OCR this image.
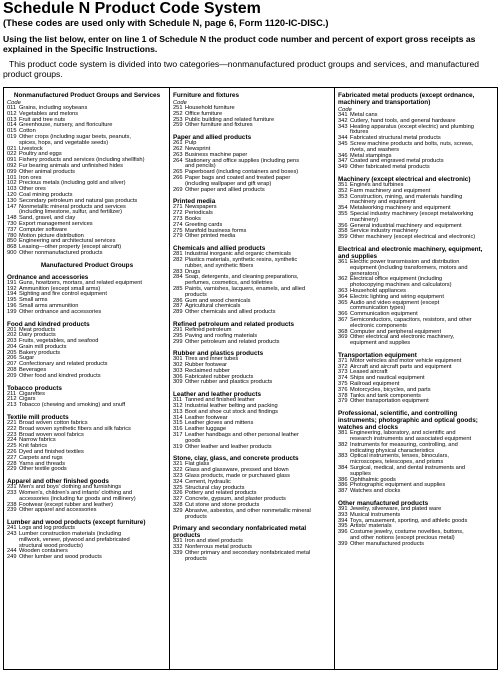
Schedule N Product Code System
(These codes are used only with Schedule N, page 6, Form 1120-IC-DISC.)
Using the list below, enter on line 1 of Schedule N the product code number and percent of export gross receipts as explained in the Specific Instructions.
This product code system is divided into two categories—nonmanufactured product groups and services, and manufactured product groups.
Nonmanufactured Product Groups and Services
Code
011 Grains, including soybeans
012 Vegetables and melons
013 Fruit and tree nuts
014 Greenhouse, nursery, and floriculture
015 Cotton
019 Other crops (including sugar beets, peanuts,
spices, hops, and vegetable seeds)
021 Livestock
022 Poultry and eggs
091 Fishery products and services (including shellfish)
092 Fur bearing animals and unfinished hides
099 Other animal products
101 Iron ores
102 Precious metals (including gold and silver)
103 Other ores
120 Coal mining products
130 Secondary petroleum and natural gas products
147 Nonmetallic mineral products and services
(including limestone, sulfur, and fertilizer)
148 Sand, gravel, and clay
730 Export management services
737 Computer software
780 Motion picture distribution
850 Engineering and architectural services
868 Leasing—other property (except aircraft)
900 Other nonmanufactured products
Manufactured Product Groups
Ordnance and accessories
191 Guns, howitzers, mortars, and related equipment
192 Ammunition (except small arms)
194 Sighting and fire control equipment
195 Small arms
196 Small arms ammunition
199 Other ordnance and accessories
Food and kindred products
201 Meat products
202 Dairy products
203 Fruits, vegetables, and seafood
204 Grain mill products
205 Bakery products
206 Sugar
207 Confectionary and related products
208 Beverages
209 Other food and kindred products
Tobacco products
211 Cigarettes
212 Cigars
213 Tobacco (chewing and smoking) and snuff
Textile mill products
221 Broad woven cotton fabrics
222 Broad woven synthetic fibers and silk fabrics
223 Broad woven wool fabrics
224 Narrow fabrics
225 Knit fabrics
226 Dyed and finished textiles
227 Carpets and rugs
228 Yarns and threads
229 Other textile goods
Apparel and other finished goods
231 Men's and boys' clothing and furnishings
233 Women's, children's and infants' clothing and
accessories (including fur goods and millinery)
238 Footwear (except rubber and leather)
239 Other apparel and accessories
Lumber and wood products (except furniture)
241 Logs and log products
243 Lumber construction materials (including
millwork, veneer, plywood and prefabricated
structural wood products)
244 Wooden containers
249 Other lumber and wood products
Furniture and fixtures
Code
251 Household furniture
252 Office furniture
253 Public building and related furniture
259 Other furniture and fixtures
Paper and allied products
261 Pulp
262 Newsprint
263 Business machine paper
264 Stationery and office supplies (including pens
and pencils)
265 Paperboard (including containers and boxes)
266 Paper bags and coated and treated paper
(including wallpaper and gift wrap)
269 Other paper and allied products
Printed media
271 Newspapers
272 Periodicals
273 Books
274 Greeting cards
275 Manifold business forms
279 Other printed media
Chemicals and allied products
281 Industrial inorganic and organic chemicals
282 Plastics materials, synthetic resins, synthetic
rubber, and synthetic fibers
283 Drugs
284 Soap, detergents, and cleaning preparations,
perfumes, cosmetics, and toiletries
285 Paints, varnishes, lacquers, enamels, and allied
products
286 Gum and wood chemicals
287 Agricultural chemicals
289 Other chemicals and allied products
Refined petroleum and related products
291 Refined petroleum
295 Paving and roofing materials
299 Other petroleum and related products
Rubber and plastics products
301 Tires and inner tubes
302 Rubber footwear
303 Reclaimed rubber
306 Fabricated rubber products
309 Other rubber and plastics products
Leather and leather products
311 Tanned and finished leather
312 Industrial leather belting and packing
313 Boot and shoe cut stock and findings
314 Leather footwear
315 Leather gloves and mittens
316 Leather luggage
317 Leather handbags and other personal leather
goods
319 Other leather and leather products
Stone, clay, glass, and concrete products
321 Flat glass
322 Glass and glassware, pressed and blown
323 Glass products, made or purchased glass
324 Cement, hydraulic
325 Structural clay products
326 Pottery and related products
327 Concrete, gypsum, and plaster products
328 Cut stone and stone products
329 Abrasive, asbestos, and other nonmetallic mineral
products
Primary and secondary nonfabricated metal products
331 Iron and steel products
332 Nonferrous metal products
339 Other primary and secondary nonfabricated metal
products
Fabricated metal products (except ordnance, machinery and transportation)
Code
341 Metal cans
342 Cutlery, hand tools, and general hardware
343 Heating apparatus (except electric) and plumbing
fixtures
344 Fabricated structural metal products
345 Screw machine products and bolts, nuts, screws,
rivets, and washers
346 Metal stampings
347 Coated and engraved metal products
349 Other fabricated metal products
Machinery (except electrical and electronic)
351 Engines and turbines
352 Farm machinery and equipment
353 Construction, mining, and materials handling
machinery and equipment
354 Metalworking machinery and equipment
355 Special industry machinery (except metalworking
machinery)
356 General industrial machinery and equipment
358 Service industry machinery
359 Other machinery (except electrical and electronic)
Electrical and electronic machinery, equipment, and supplies
361 Electric power transmission and distribution
equipment (including transformers, motors and
generators)
362 Electrical office equipment (including
photocopying machines and calculators)
363 Household appliances
364 Electric lighting and wiring equipment
365 Audio and video equipment (except
communication types)
366 Communication equipment
367 Semiconductors, capacitors, resistors, and other
electronic components
368 Computer and peripheral equipment
369 Other electrical and electronic machinery,
equipment and supplies
Transportation equipment
371 Motor vehicles and motor vehicle equipment
372 Aircraft and aircraft parts and equipment
373 Leased aircraft
374 Ships and nautical equipment
375 Railroad equipment
376 Motorcycles, bicycles, and parts
378 Tanks and tank components
379 Other transportation equipment
Professional, scientific, and controlling instruments; photographic and optical goods; watches and clocks
381 Engineering, laboratory, and scientific and
research instruments and associated equipment
382 Instruments for measuring, controlling, and
indicating physical characteristics
383 Optical instruments, lenses, binoculars,
microscopes, telescopes, and prisms
384 Surgical, medical, and dental instruments and
supplies
386 Ophthalmic goods
386 Photographic equipment and supplies
387 Watches and clocks
Other manufactured products
391 Jewelry, silverware, and plated ware
393 Musical instruments
394 Toys, amusement, sporting, and athletic goods
395 Artists' materials
396 Costume jewelry, costume novelties, buttons,
and other notions (except precious metal)
399 Other manufactured products
